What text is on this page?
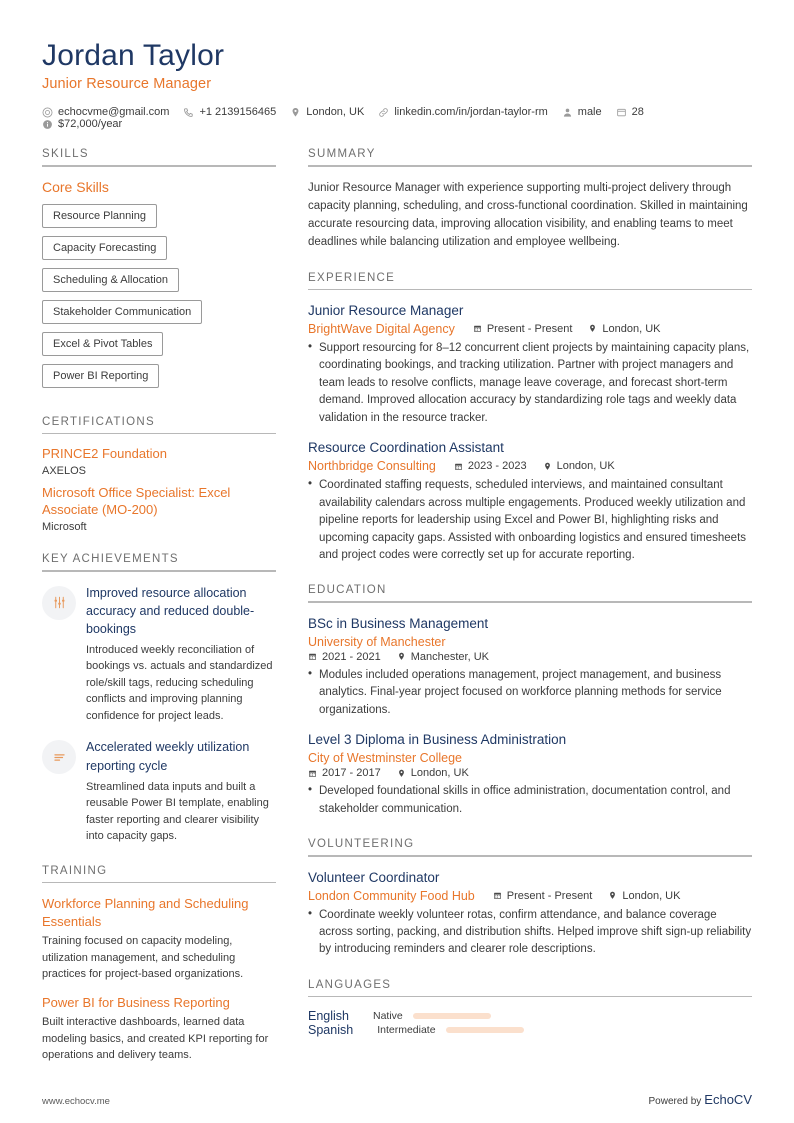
Jordan Taylor
Junior Resource Manager
echocvme@gmail.com	+1 2139156465	London, UK	linkedin.com/in/jordan-taylor-rm	male	28
$72,000/year
SKILLS
Core Skills
Resource Planning
Capacity Forecasting
Scheduling & Allocation
Stakeholder Communication
Excel & Pivot Tables
Power BI Reporting
CERTIFICATIONS
PRINCE2 Foundation
AXELOS
Microsoft Office Specialist: Excel Associate (MO-200)
Microsoft
KEY ACHIEVEMENTS
Improved resource allocation accuracy and reduced double-bookings
Introduced weekly reconciliation of bookings vs. actuals and standardized role/skill tags, reducing scheduling conflicts and improving planning confidence for project leads.
Accelerated weekly utilization reporting cycle
Streamlined data inputs and built a reusable Power BI template, enabling faster reporting and clearer visibility into capacity gaps.
TRAINING
Workforce Planning and Scheduling Essentials
Training focused on capacity modeling, utilization management, and scheduling practices for project-based organizations.
Power BI for Business Reporting
Built interactive dashboards, learned data modeling basics, and created KPI reporting for operations and delivery teams.
SUMMARY
Junior Resource Manager with experience supporting multi-project delivery through capacity planning, scheduling, and cross-functional coordination. Skilled in maintaining accurate resourcing data, improving allocation visibility, and enabling teams to meet deadlines while balancing utilization and employee wellbeing.
EXPERIENCE
Junior Resource Manager
BrightWave Digital Agency	Present - Present	London, UK
• Support resourcing for 8–12 concurrent client projects by maintaining capacity plans, coordinating bookings, and tracking utilization. Partner with project managers and team leads to resolve conflicts, manage leave coverage, and forecast short-term demand. Improved allocation accuracy by standardizing role tags and weekly data validation in the resource tracker.
Resource Coordination Assistant
Northbridge Consulting	2023 - 2023	London, UK
• Coordinated staffing requests, scheduled interviews, and maintained consultant availability calendars across multiple engagements. Produced weekly utilization and pipeline reports for leadership using Excel and Power BI, highlighting risks and upcoming capacity gaps. Assisted with onboarding logistics and ensured timesheets and project codes were correctly set up for accurate reporting.
EDUCATION
BSc in Business Management
University of Manchester
2021 - 2021	Manchester, UK
• Modules included operations management, project management, and business analytics. Final-year project focused on workforce planning methods for service organizations.
Level 3 Diploma in Business Administration
City of Westminster College
2017 - 2017	London, UK
• Developed foundational skills in office administration, documentation control, and stakeholder communication.
VOLUNTEERING
Volunteer Coordinator
London Community Food Hub	Present - Present	London, UK
• Coordinate weekly volunteer rotas, confirm attendance, and balance coverage across sorting, packing, and distribution shifts. Helped improve shift sign-up reliability by introducing reminders and clearer role descriptions.
LANGUAGES
English Native
Spanish Intermediate
www.echocv.me	Powered by EchoCV
